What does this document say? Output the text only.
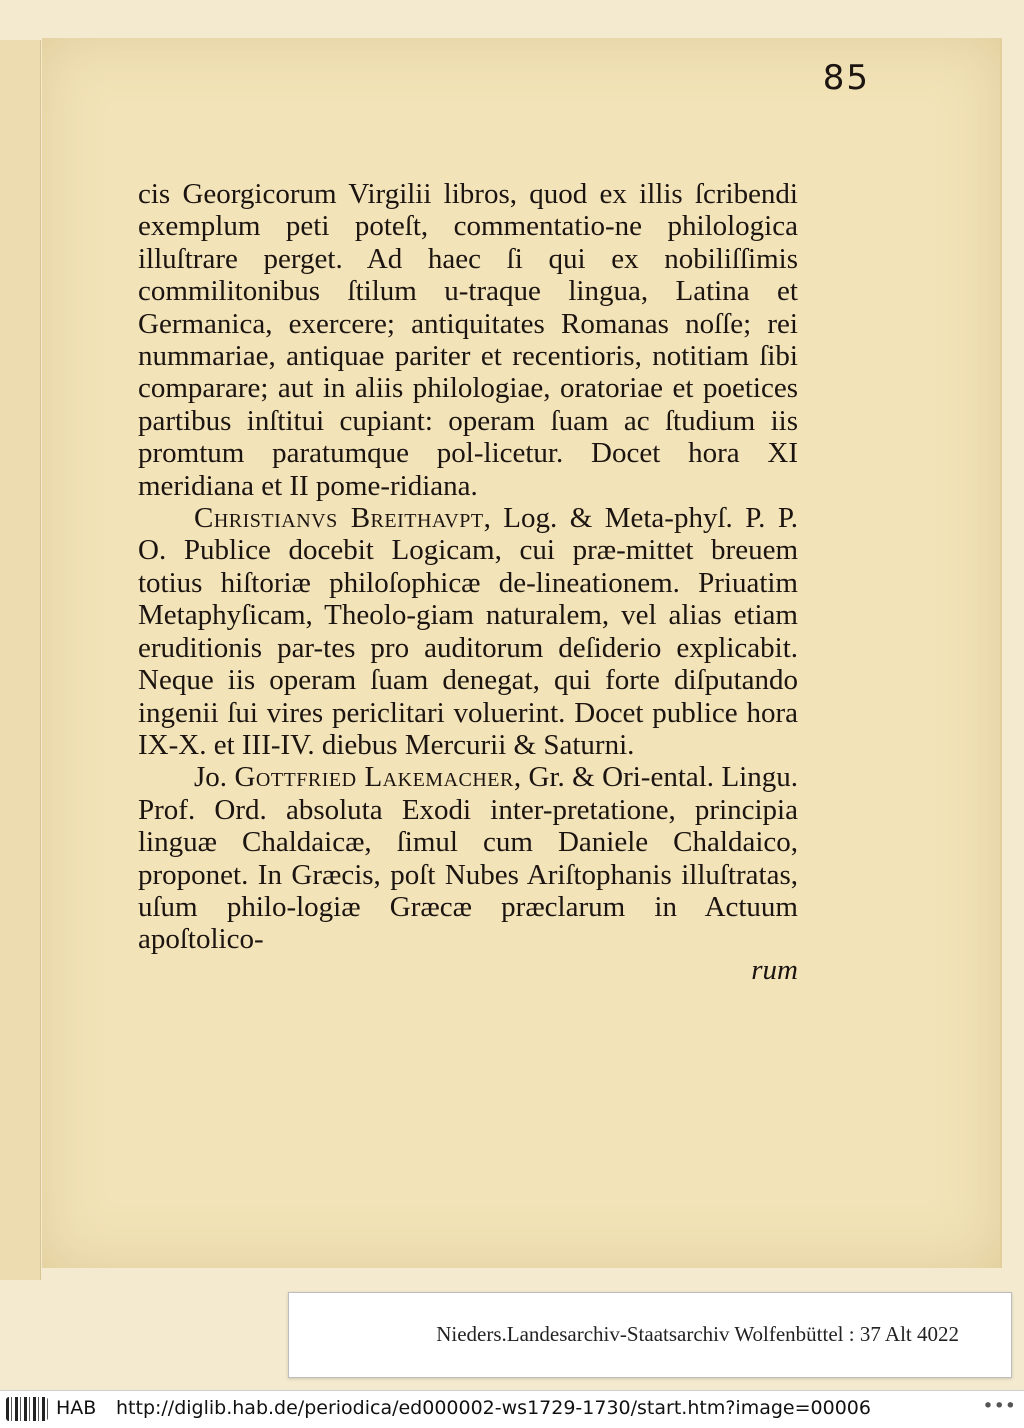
85

cis Georgicorum Virgilii libros, quod ex illis ſcribendi exemplum peti poteſt, commentatio-ne philologica illuſtrare perget. Ad haec ſi qui ex nobiliſſimis commilitonibus ſtilum u-traque lingua, Latina et Germanica, exercere; antiquitates Romanas noſſe; rei nummariae, antiquae pariter et recentioris, notitiam ſibi comparare; aut in aliis philologiae, oratoriae et poetices partibus inſtitui cupiant: operam ſuam ac ſtudium iis promtum paratumque pol-licetur. Docet hora XI meridiana et II pome-ridiana.

Christianvs Breithavpt, Log. & Meta-phyſ. P. P. O. Publice docebit Logicam, cui præ-mittet breuem totius hiſtoriæ philoſophicæ de-lineationem. Priuatim Metaphyſicam, Theolo-giam naturalem, vel alias etiam eruditionis par-tes pro auditorum deſiderio explicabit. Neque iis operam ſuam denegat, qui forte diſputando ingenii ſui vires periclitari voluerint. Docet publice hora IX-X. et III-IV. diebus Mercurii & Saturni.

Jo. Gottfried Lakemacher, Gr. & Ori-ental. Lingu. Prof. Ord. absoluta Exodi inter-pretatione, principia linguæ Chaldaicæ, ſimul cum Daniele Chaldaico, proponet. In Græcis, poſt Nubes Ariſtophanis illuſtratas, uſum philo-logiæ Græcæ præclarum in Actuum apoſtolico-

rum
Nieders.Landesarchiv-Staatsarchiv Wolfenbüttel : 37 Alt 4022
HAB http://diglib.hab.de/periodica/ed000002-ws1729-1730/start.htm?image=00006	•••
